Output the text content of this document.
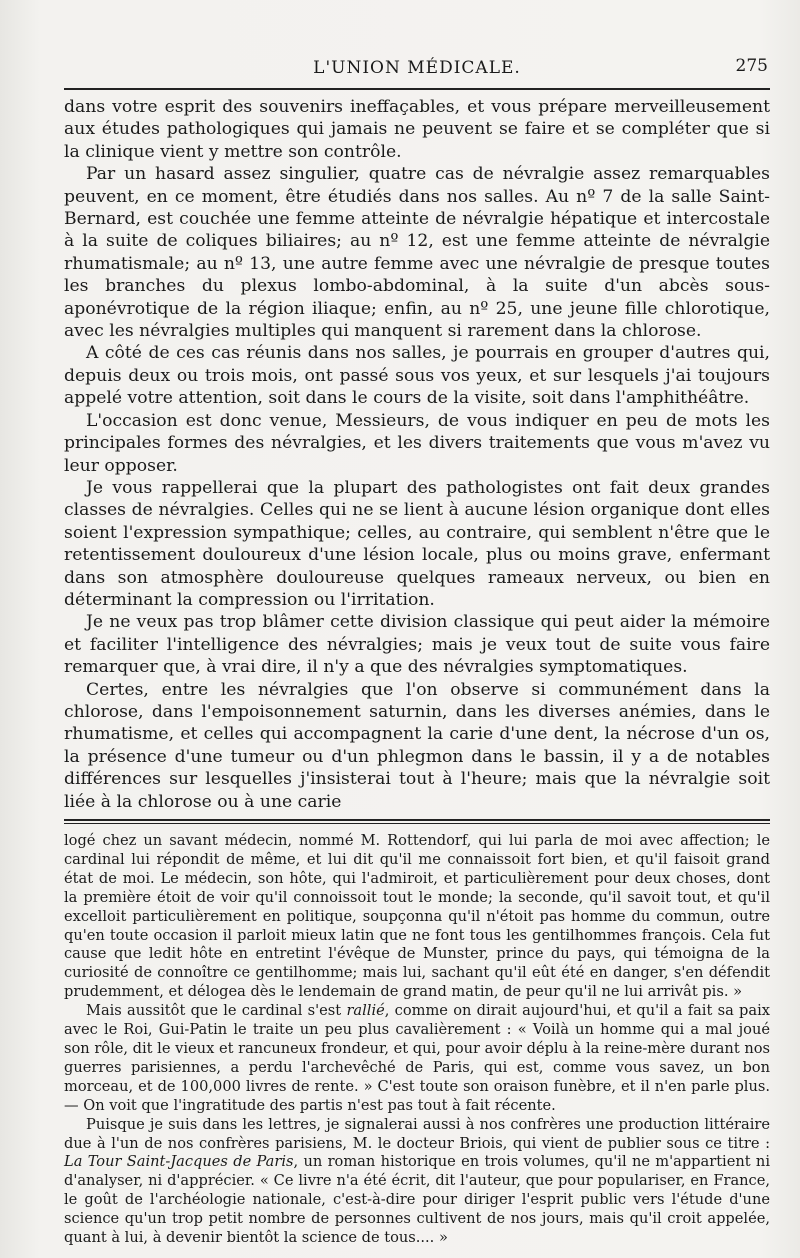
L'UNION MÉDICALE.	275

dans votre esprit des souvenirs ineffaçables, et vous prépare merveilleusement aux études pathologiques qui jamais ne peuvent se faire et se compléter que si la clinique vient y mettre son contrôle.

Par un hasard assez singulier, quatre cas de névralgie assez remarquables peuvent, en ce moment, être étudiés dans nos salles. Au nº 7 de la salle Saint-Bernard, est couchée une femme atteinte de névralgie hépatique et intercostale à la suite de coliques biliaires; au nº 12, est une femme atteinte de névralgie rhumatismale; au nº 13, une autre femme avec une névralgie de presque toutes les branches du plexus lombo-abdominal, à la suite d'un abcès sous-aponévrotique de la région iliaque; enfin, au nº 25, une jeune fille chlorotique, avec les névralgies multiples qui manquent si rarement dans la chlorose.

A côté de ces cas réunis dans nos salles, je pourrais en grouper d'autres qui, depuis deux ou trois mois, ont passé sous vos yeux, et sur lesquels j'ai toujours appelé votre attention, soit dans le cours de la visite, soit dans l'amphithéâtre.

L'occasion est donc venue, Messieurs, de vous indiquer en peu de mots les principales formes des névralgies, et les divers traitements que vous m'avez vu leur opposer.

Je vous rappellerai que la plupart des pathologistes ont fait deux grandes classes de névralgies. Celles qui ne se lient à aucune lésion organique dont elles soient l'expression sympathique; celles, au contraire, qui semblent n'être que le retentissement douloureux d'une lésion locale, plus ou moins grave, enfermant dans son atmosphère douloureuse quelques rameaux nerveux, ou bien en déterminant la compression ou l'irritation.

Je ne veux pas trop blâmer cette division classique qui peut aider la mémoire et faciliter l'intelligence des névralgies; mais je veux tout de suite vous faire remarquer que, à vrai dire, il n'y a que des névralgies symptomatiques.

Certes, entre les névralgies que l'on observe si communément dans la chlorose, dans l'empoisonnement saturnin, dans les diverses anémies, dans le rhumatisme, et celles qui accompagnent la carie d'une dent, la nécrose d'un os, la présence d'une tumeur ou d'un phlegmon dans le bassin, il y a de notables différences sur lesquelles j'insisterai tout à l'heure; mais que la névralgie soit liée à la chlorose ou à une carie

logé chez un savant médecin, nommé M. Rottendorf, qui lui parla de moi avec affection; le cardinal lui répondit de même, et lui dit qu'il me connaissoit fort bien, et qu'il faisoit grand état de moi. Le médecin, son hôte, qui l'admiroit, et particulièrement pour deux choses, dont la première étoit de voir qu'il connoissoit tout le monde; la seconde, qu'il savoit tout, et qu'il excelloit particulièrement en politique, soupçonna qu'il n'étoit pas homme du commun, outre qu'en toute occasion il parloit mieux latin que ne font tous les gentilhommes françois. Cela fut cause que ledit hôte en entretint l'évêque de Munster, prince du pays, qui témoigna de la curiosité de connoître ce gentilhomme; mais lui, sachant qu'il eût été en danger, s'en défendit prudemment, et délogea dès le lendemain de grand matin, de peur qu'il ne lui arrivât pis. »

Mais aussitôt que le cardinal s'est rallié, comme on dirait aujourd'hui, et qu'il a fait sa paix avec le Roi, Gui-Patin le traite un peu plus cavalièrement : « Voilà un homme qui a mal joué son rôle, dit le vieux et rancuneux frondeur, et qui, pour avoir déplu à la reine-mère durant nos guerres parisiennes, a perdu l'archevêché de Paris, qui est, comme vous savez, un bon morceau, et de 100,000 livres de rente. » C'est toute son oraison funèbre, et il n'en parle plus. — On voit que l'ingratitude des partis n'est pas tout à fait récente.

Puisque je suis dans les lettres, je signalerai aussi à nos confrères une production littéraire due à l'un de nos confrères parisiens, M. le docteur Briois, qui vient de publier sous ce titre : La Tour Saint-Jacques de Paris, un roman historique en trois volumes, qu'il ne m'appartient ni d'analyser, ni d'apprécier. « Ce livre n'a été écrit, dit l'auteur, que pour populariser, en France, le goût de l'archéologie nationale, c'est-à-dire pour diriger l'esprit public vers l'étude d'une science qu'un trop petit nombre de personnes cultivent de nos jours, mais qu'il croit appelée, quant à lui, à devenir bientôt la science de tous.... »
